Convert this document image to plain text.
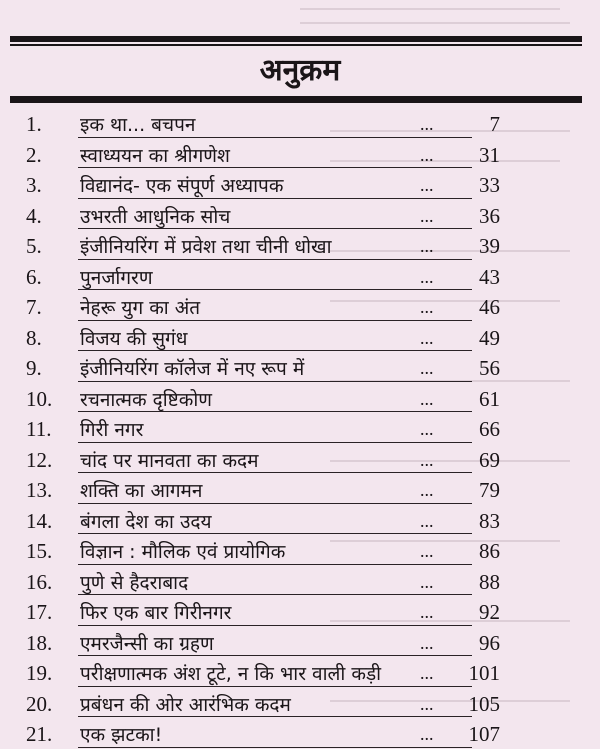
अनुक्रम
1. इक था... बचपन	...	7
2. स्वाध्ययन का श्रीगणेश	... 31
3. विद्यानंद- एक संपूर्ण अध्यापक	... 33
4. उभरती आधुनिक सोच	... 36
5. इंजीनियरिंग में प्रवेश तथा चीनी धोखा	... 39
6. पुनर्जागरण	... 43
7. नेहरू युग का अंत	... 46
8. विजय की सुगंध	... 49
9. इंजीनियरिंग कॉलेज में नए रूप में	... 56
10. रचनात्मक दृष्टिकोण	... 61
11. गिरी नगर	... 66
12. चांद पर मानवता का कदम	... 69
13. शक्ति का आगमन	... 79
14. बंगला देश का उदय	... 83
15. विज्ञान : मौलिक एवं प्रायोगिक	... 86
16. पुणे से हैदराबाद	... 88
17. फिर एक बार गिरीनगर	... 92
18. एमरजैन्सी का ग्रहण	... 96
19. परीक्षणात्मक अंश टूटे, न कि भार वाली कड़ी ... 101
20. प्रबंधन की ओर आरंभिक कदम	... 105
21. एक झटका!	... 107
